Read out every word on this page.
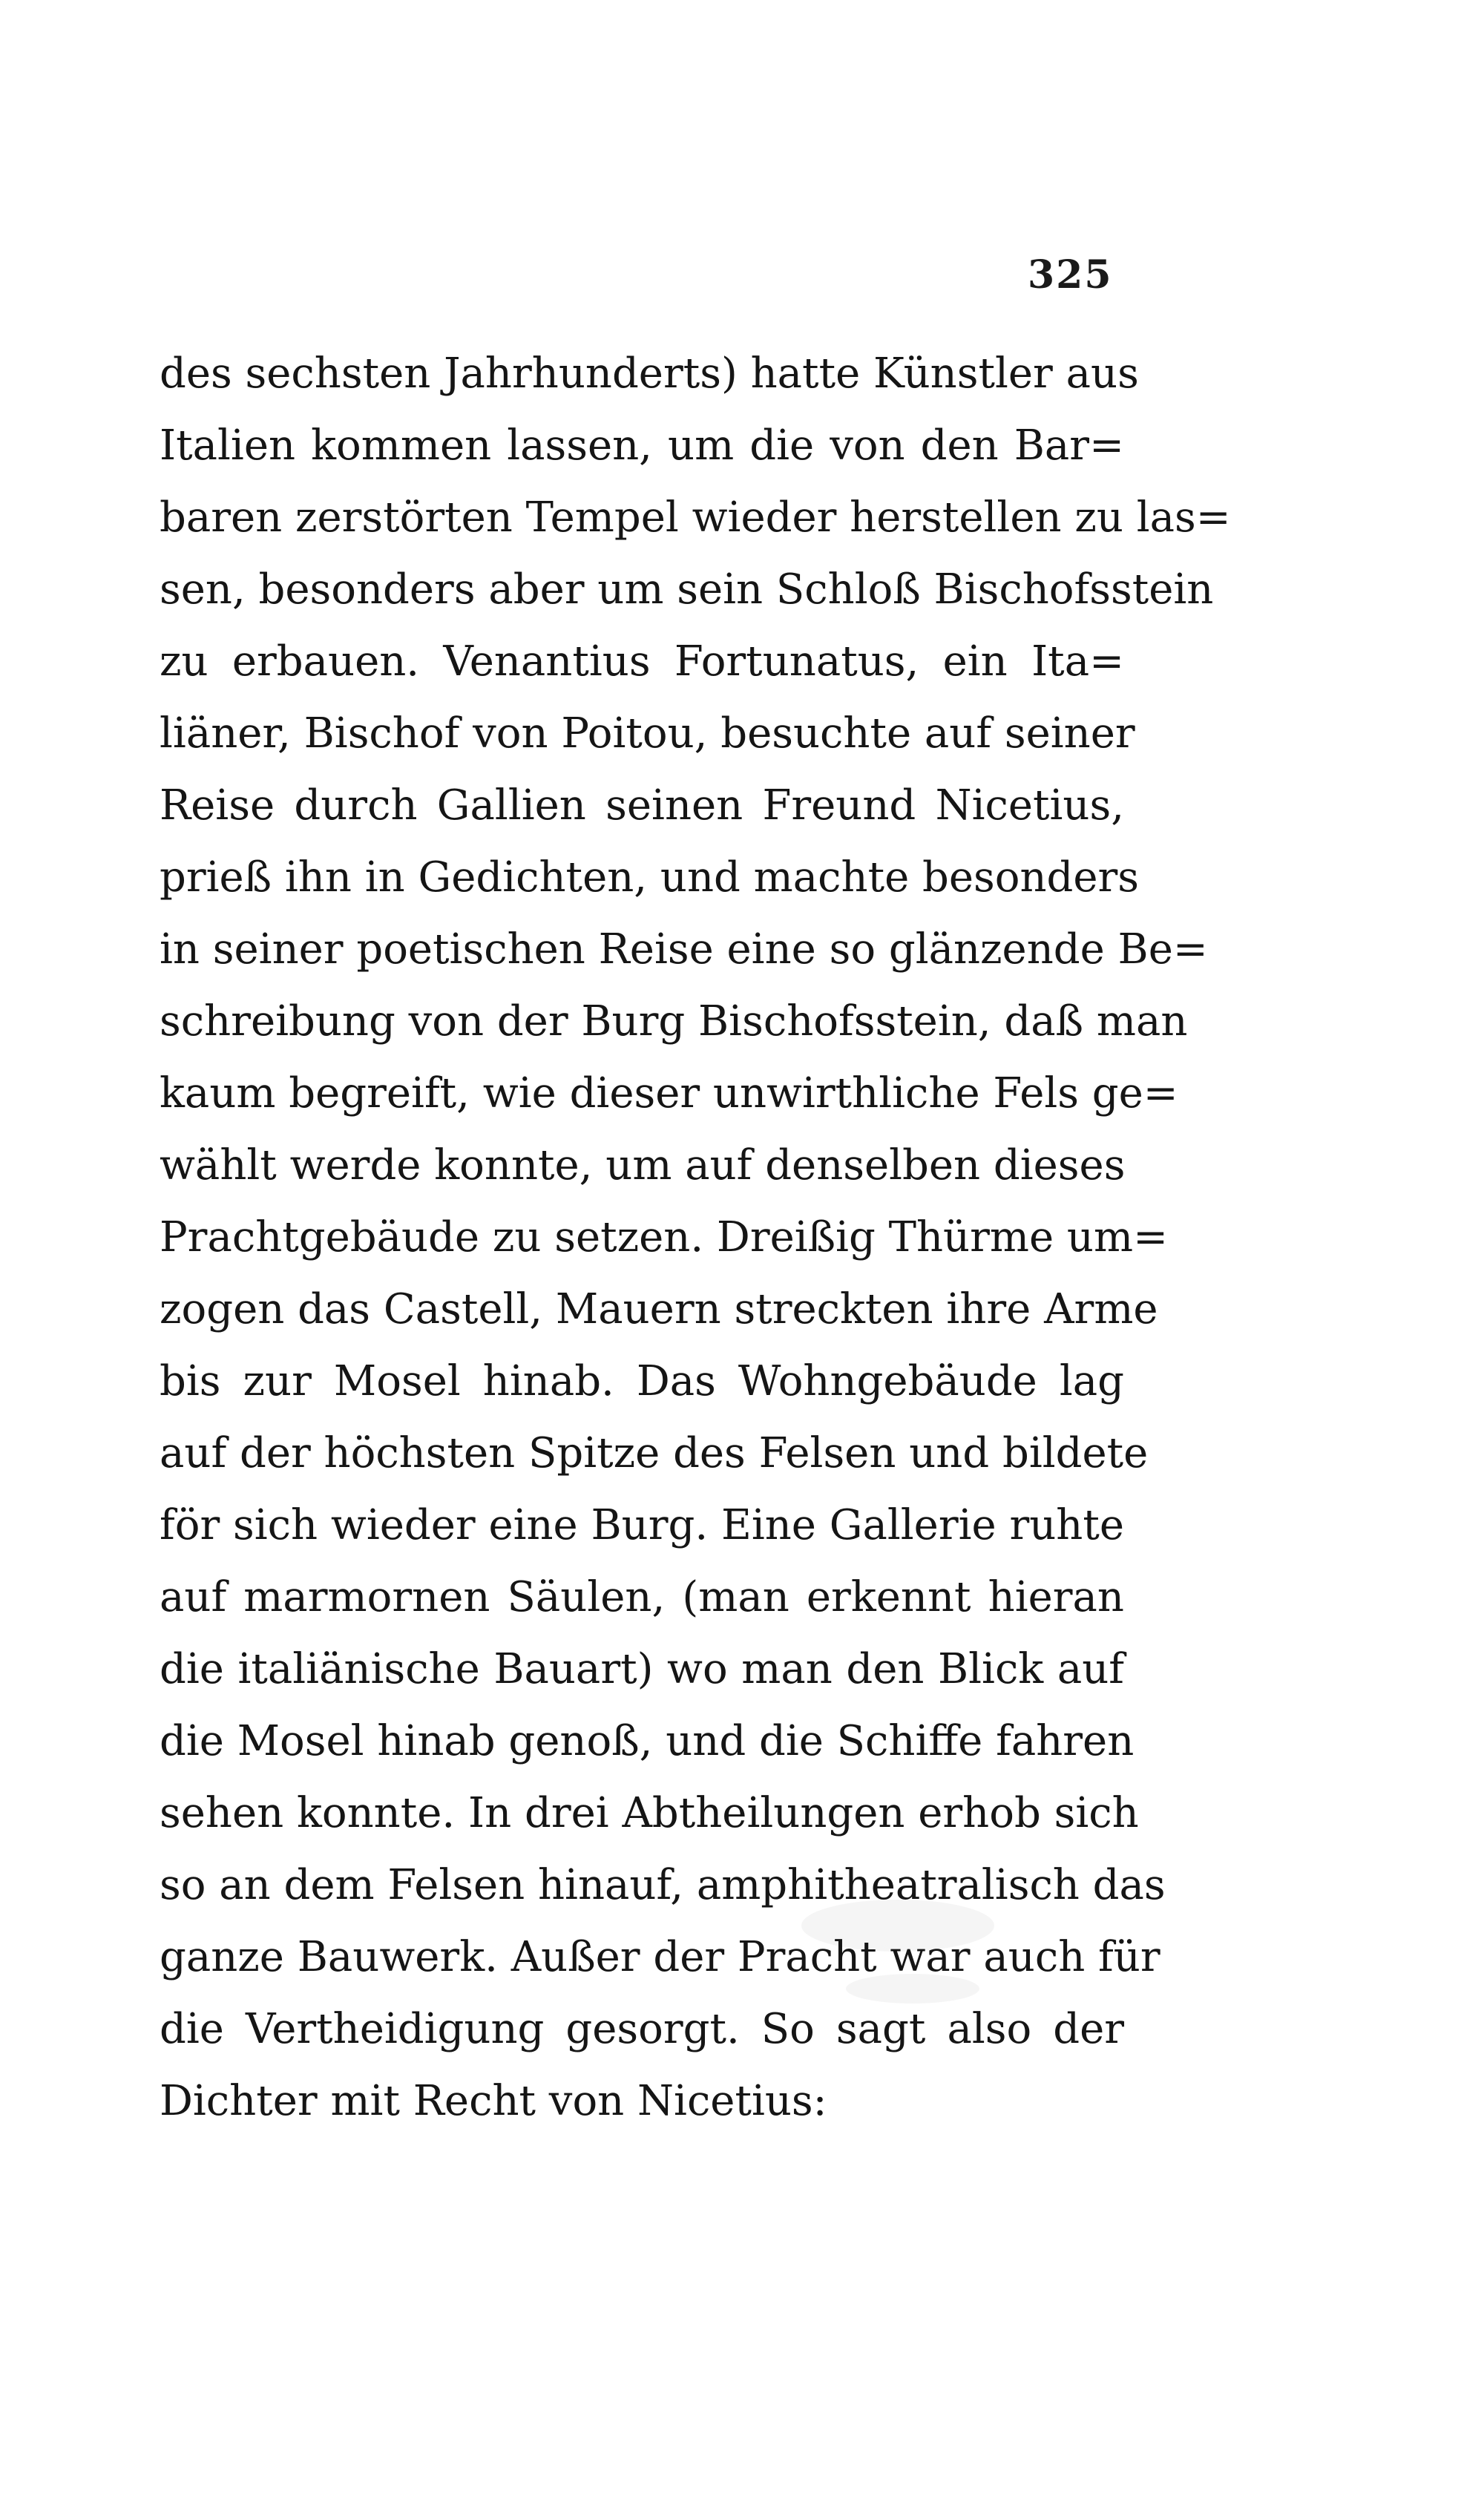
325
des sechsten Jahrhunderts) hatte Künstler aus
Italien kommen lassen, um die von den Bar=
baren zerstörten Tempel wieder herstellen zu las=
sen, besonders aber um sein Schloß Bischofsstein
zu erbauen. Venantius Fortunatus, ein Ita=
liäner, Bischof von Poitou, besuchte auf seiner
Reise durch Gallien seinen Freund Nicetius,
prieß ihn in Gedichten, und machte besonders
in seiner poetischen Reise eine so glänzende Be=
schreibung von der Burg Bischofsstein, daß man
kaum begreift, wie dieser unwirthliche Fels ge=
wählt werde konnte, um auf denselben dieses
Prachtgebäude zu setzen. Dreißig Thürme um=
zogen das Castell, Mauern streckten ihre Arme
bis zur Mosel hinab. Das Wohngebäude lag
auf der höchsten Spitze des Felsen und bildete
för sich wieder eine Burg. Eine Gallerie ruhte
auf marmornen Säulen, (man erkennt hieran
die italiänische Bauart) wo man den Blick auf
die Mosel hinab genoß, und die Schiffe fahren
sehen konnte. In drei Abtheilungen erhob sich
so an dem Felsen hinauf, amphitheatralisch das
ganze Bauwerk. Außer der Pracht war auch für
die Vertheidigung gesorgt. So sagt also der
Dichter mit Recht von Nicetius:
